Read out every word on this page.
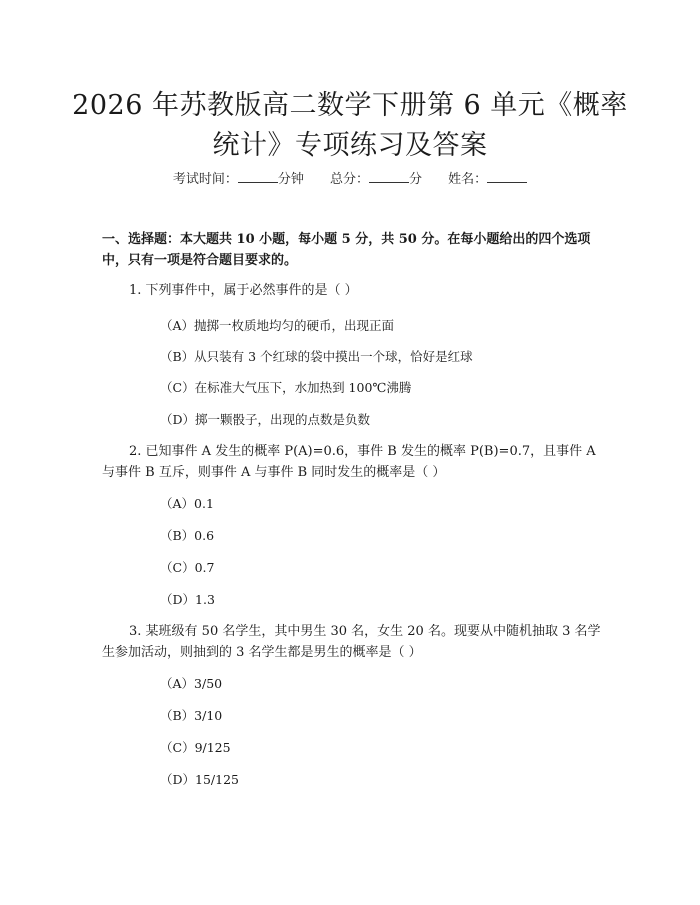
2026 年苏教版高二数学下册第 6 单元《概率
统计》专项练习及答案
考试时间：	分钟 总分：	分 姓名：
一、选择题：本大题共 10 小题，每小题 5 分，共 50 分。在每小题给出的四个选项中，只有一项是符合题目要求的。
1. 下列事件中，属于必然事件的是（ ）
（A）抛掷一枚质地均匀的硬币，出现正面
（B）从只装有 3 个红球的袋中摸出一个球，恰好是红球
（C）在标准大气压下，水加热到 100℃沸腾
（D）掷一颗骰子，出现的点数是负数
2. 已知事件 A 发生的概率 P(A)=0.6，事件 B 发生的概率 P(B)=0.7，且事件 A 与事件 B 互斥，则事件 A 与事件 B 同时发生的概率是（ ）
（A）0.1
（B）0.6
（C）0.7
（D）1.3
3. 某班级有 50 名学生，其中男生 30 名，女生 20 名。现要从中随机抽取 3 名学生参加活动，则抽到的 3 名学生都是男生的概率是（ ）
（A）3/50
（B）3/10
（C）9/125
（D）15/125
